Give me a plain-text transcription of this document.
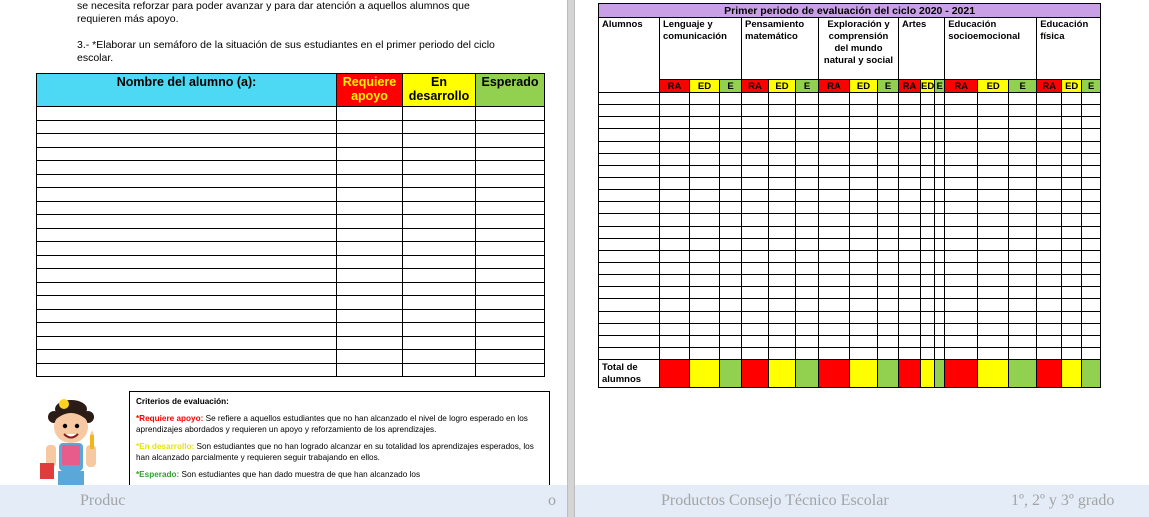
se necesita reforzar para poder avanzar y para dar atención a aquellos alumnos que requieren más apoyo.
3.- *Elaborar un semáforo de la situación de sus estudiantes en el primer periodo del ciclo escolar.
Nombre del alumno (a):	Requiere apoyo	En desarrollo	Esperado

Criterios de evaluación:

*Requiere apoyo: Se refiere a aquellos estudiantes que no han alcanzado el nivel de logro esperado en los aprendizajes abordados y requieren un apoyo y reforzamiento de los aprendizajes.

*En desarrollo: Son estudiantes que no han logrado alcanzar en su totalidad los aprendizajes esperados, los han alcanzado parcialmente y requieren seguir trabajando en ellos.

*Esperado: Son estudiantes que han dado muestra de que han alcanzado los

Primer periodo de evaluación del ciclo 2020 - 2021																		
Alumnos	Lenguaje y comunicación			Pensamiento matemático			Exploración y comprensión del mundo natural y social			Artes			Educación socioemocional			Educación física		
	RA	ED	E	RA	ED	E	RA	ED	E	RA	ED	E	RA	ED	E	RA	ED	E

Total de alumnos																		
Produc	o	Productos Consejo Técnico Escolar	1º, 2º y 3º grado
